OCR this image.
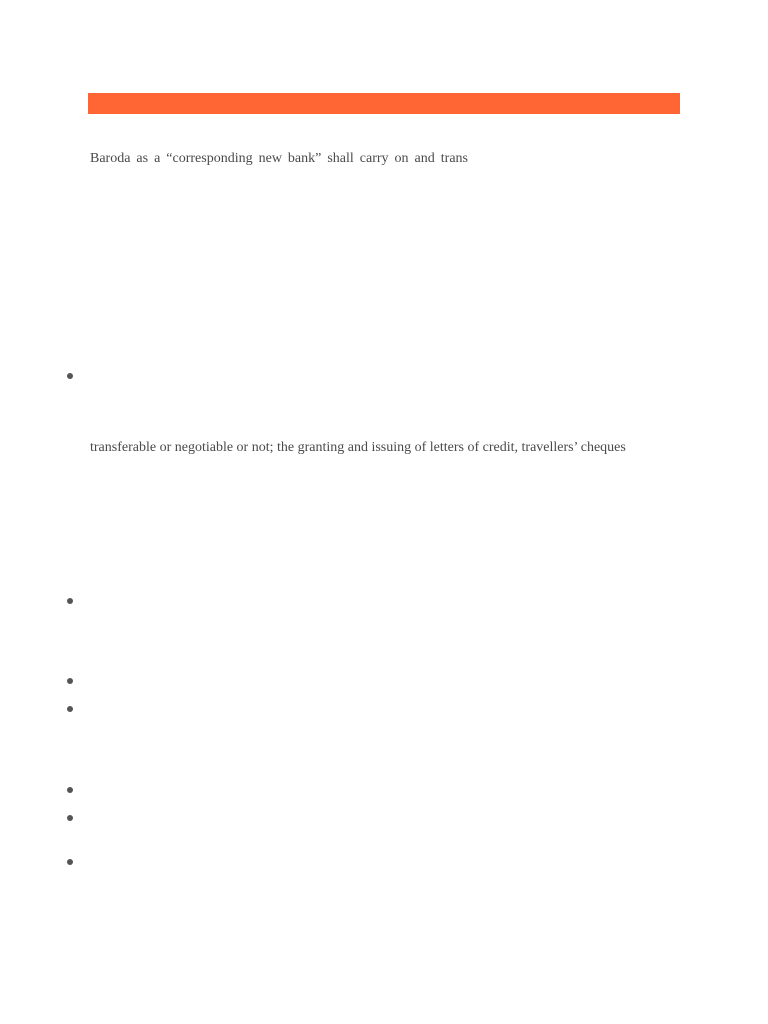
Baroda as a “corresponding new bank” shall carry on and trans
transferable or negotiable or not; the granting and issuing of letters of credit, travellers’ cheques
